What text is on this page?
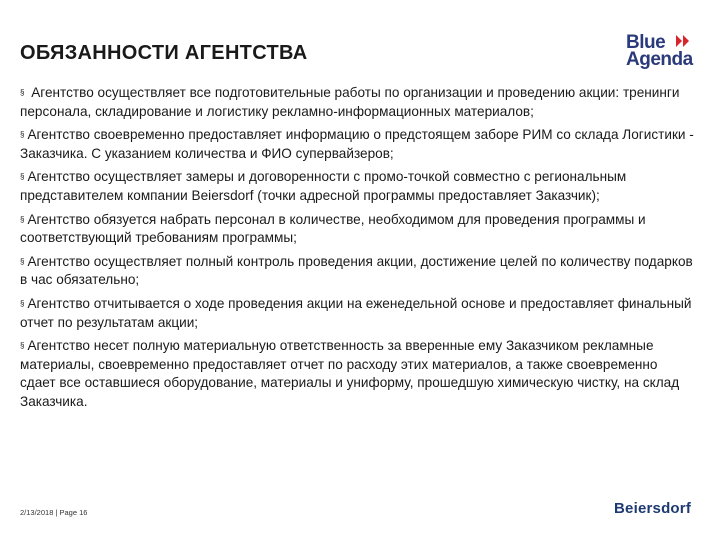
ОБЯЗАННОСТИ АГЕНТСТВА	Blue
Agenda
§ Агентство осуществляет все подготовительные работы по организации и проведению акции: тренинги персонала, складирование и логистику рекламно-информационных материалов;
§ Агентство своевременно предоставляет информацию о предстоящем заборе РИМ со склада Логистики - Заказчика. С указанием количества и ФИО супервайзеров;
§ Агентство осуществляет замеры и договоренности с промо-точкой совместно с региональным представителем компании Beiersdorf (точки адресной программы предоставляет Заказчик);
§ Агентство обязуется набрать персонал в количестве, необходимом для проведения программы и соответствующий требованиям программы;
§ Агентство осуществляет полный контроль проведения акции, достижение целей по количеству подарков в час обязательно;
§ Агентство отчитывается о ходе проведения акции на еженедельной основе и предоставляет финальный отчет по результатам акции;
§ Агентство несет полную материальную ответственность за вверенные ему Заказчиком рекламные материалы, своевременно предоставляет отчет по расходу этих материалов, а также своевременно сдает все оставшиеся оборудование, материалы и униформу, прошедшую химическую чистку, на склад Заказчика.
2/13/2018 | Page 16	Beiersdorf
